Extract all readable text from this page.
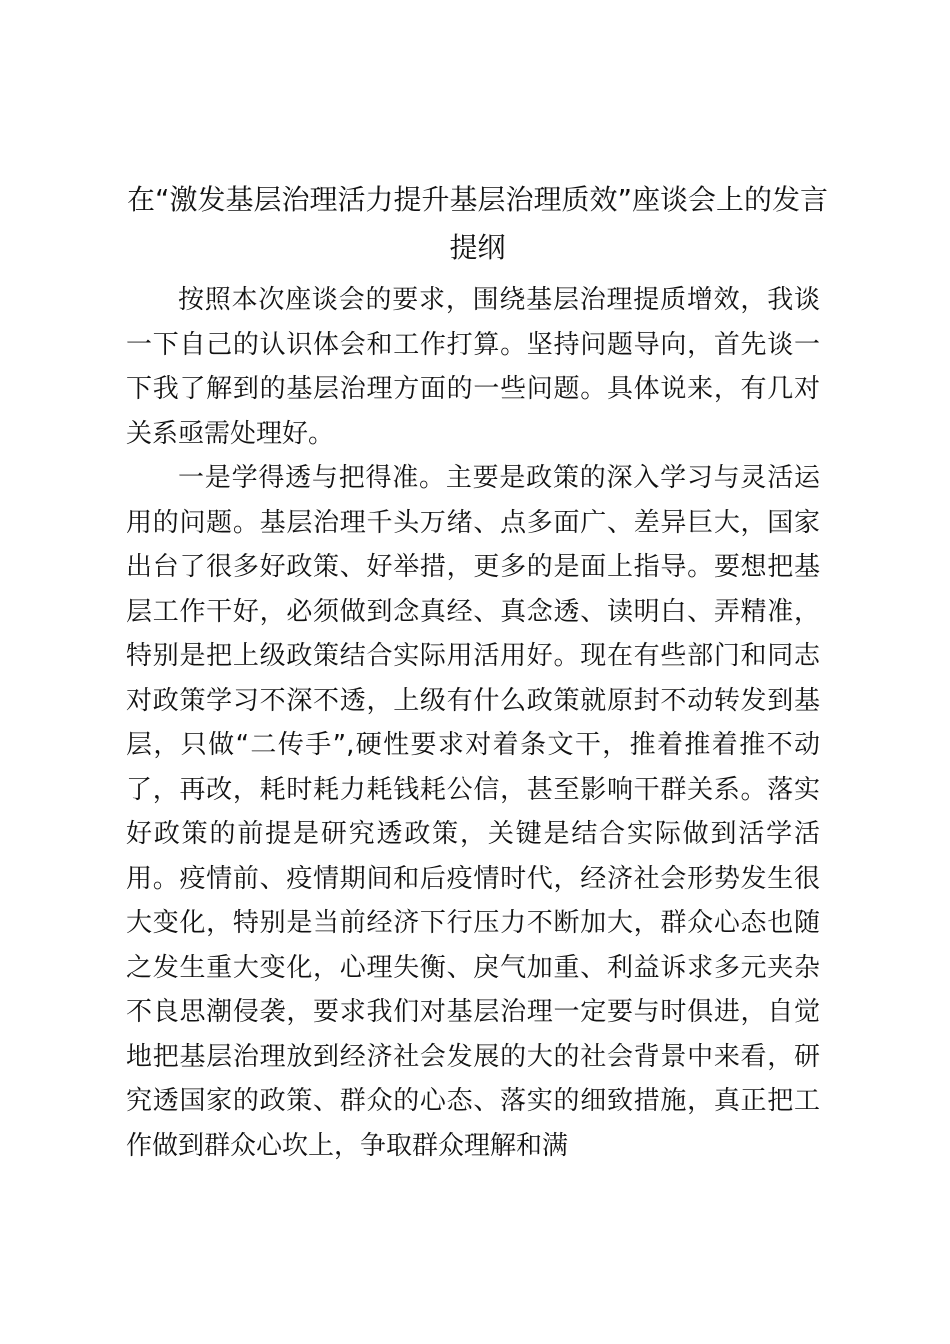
在“激发基层治理活力提升基层治理质效”座谈会上的发言提纲

按照本次座谈会的要求，围绕基层治理提质增效，我谈一下自己的认识体会和工作打算。坚持问题导向，首先谈一下我了解到的基层治理方面的一些问题。具体说来，有几对关系亟需处理好。

一是学得透与把得准。主要是政策的深入学习与灵活运用的问题。基层治理千头万绪、点多面广、差异巨大，国家出台了很多好政策、好举措，更多的是面上指导。要想把基层工作干好，必须做到念真经、真念透、读明白、弄精准，特别是把上级政策结合实际用活用好。现在有些部门和同志对政策学习不深不透，上级有什么政策就原封不动转发到基层，只做“二传手”,硬性要求对着条文干，推着推着推不动了，再改，耗时耗力耗钱耗公信，甚至影响干群关系。落实好政策的前提是研究透政策，关键是结合实际做到活学活用。疫情前、疫情期间和后疫情时代，经济社会形势发生很大变化，特别是当前经济下行压力不断加大，群众心态也随之发生重大变化，心理失衡、戾气加重、利益诉求多元夹杂不良思潮侵袭，要求我们对基层治理一定要与时俱进，自觉地把基层治理放到经济社会发展的大的社会背景中来看，研究透国家的政策、群众的心态、落实的细致措施，真正把工作做到群众心坎上，争取群众理解和满
